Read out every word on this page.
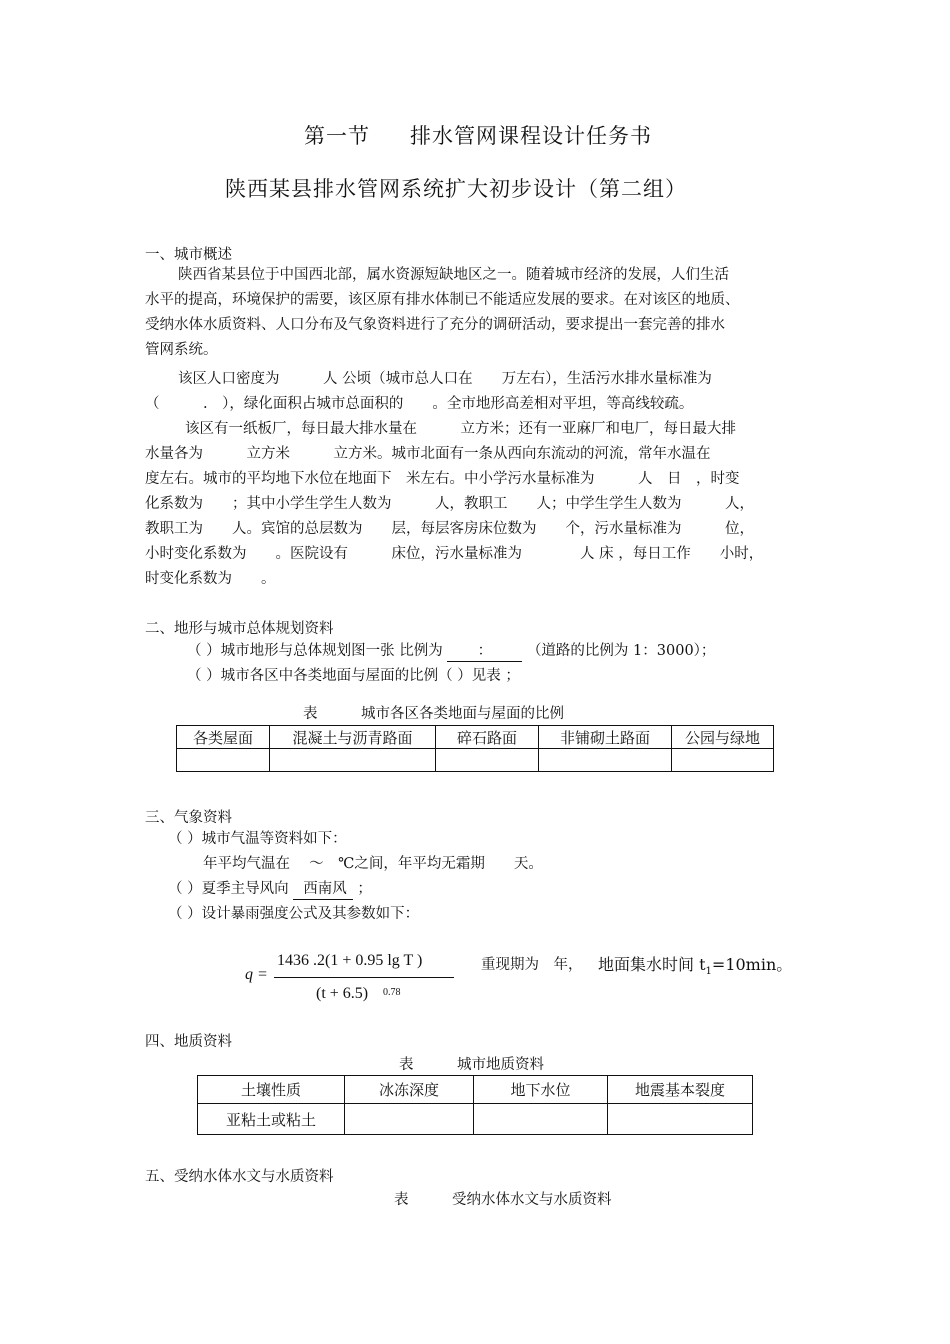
第一节 排水管网课程设计任务书
陕西某县排水管网系统扩大初步设计（第二组）
一、城市概述
陕西省某县位于中国西北部，属水资源短缺地区之一。随着城市经济的发展，人们生活
水平的提高，环境保护的需要，该区原有排水体制已不能适应发展的要求。在对该区的地质、
受纳水体水质资料、人口分布及气象资料进行了充分的调研活动，要求提出一套完善的排水
管网系统。
该区人口密度为　　　人 公顷（城市总人口在　　万左右），生活污水排水量标准为
（　　　.　），绿化面积占城市总面积的　　。全市地形高差相对平坦，等高线较疏。
该区有一纸板厂，每日最大排水量在　　　立方米；还有一亚麻厂和电厂，每日最大排
水量各为　　　立方米　　　立方米。城市北面有一条从西向东流动的河流，常年水温在
度左右。城市的平均地下水位在地面下　米左右。中小学污水量标准为　　　人　日　，时变
化系数为　　；其中小学生学生人数为　　　人，教职工　　人；中学生学生人数为　　　人，
教职工为　　人。宾馆的总层数为　　层，每层客房床位数为　　个，污水量标准为　　　位，
小时变化系数为　　。医院设有　　　床位，污水量标准为　　　　人 床 ，每日工作　　小时，
时变化系数为　　。
二、地形与城市总体规划资料
（ ）城市地形与总体规划图一张 比例为 ： （道路的比例为 1：3000）；
（ ）城市各区中各类地面与屋面的比例（ ）见表 ；
表　　　城市各区各类地面与屋面的比例
各类屋面	混凝土与沥青路面	碎石路面	非铺砌土路面	公园与绿地

三、气象资料
（ ）城市气温等资料如下：
年平均气温在　 ～　℃之间，年平均无霜期　　天。
（ ）夏季主导风向 西南风 ；
（ ）设计暴雨强度公式及其参数如下：
q =
1436 .2(1 + 0.95 lg T )
(t + 6.5) 0.78
重现期为　年， 地面集水时间 $t_1=10\min$。
四、地质资料
表　　　城市地质资料
土壤性质	冰冻深度	地下水位	地震基本裂度
亚粘土或粘土			
五、受纳水体水文与水质资料
表　　　受纳水体水文与水质资料
